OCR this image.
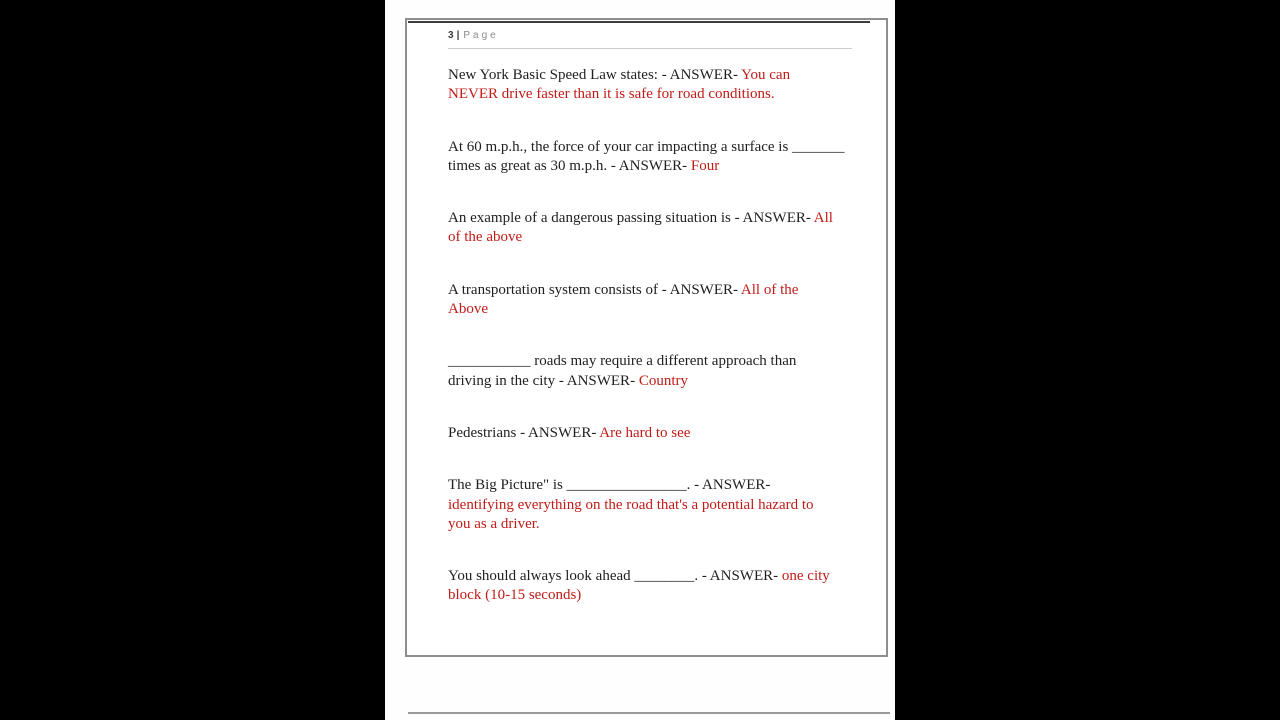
3 | Page
New York Basic Speed Law states: - ANSWER- You can
NEVER drive faster than it is safe for road conditions.
At 60 m.p.h., the force of your car impacting a surface is _______
times as great as 30 m.p.h. - ANSWER- Four
An example of a dangerous passing situation is - ANSWER- All
of the above
A transportation system consists of - ANSWER- All of the
Above
___________ roads may require a different approach than
driving in the city - ANSWER- Country
Pedestrians - ANSWER- Are hard to see
The Big Picture" is ________________. - ANSWER-
identifying everything on the road that's a potential hazard to
you as a driver.
You should always look ahead ________. - ANSWER- one city
block (10-15 seconds)
